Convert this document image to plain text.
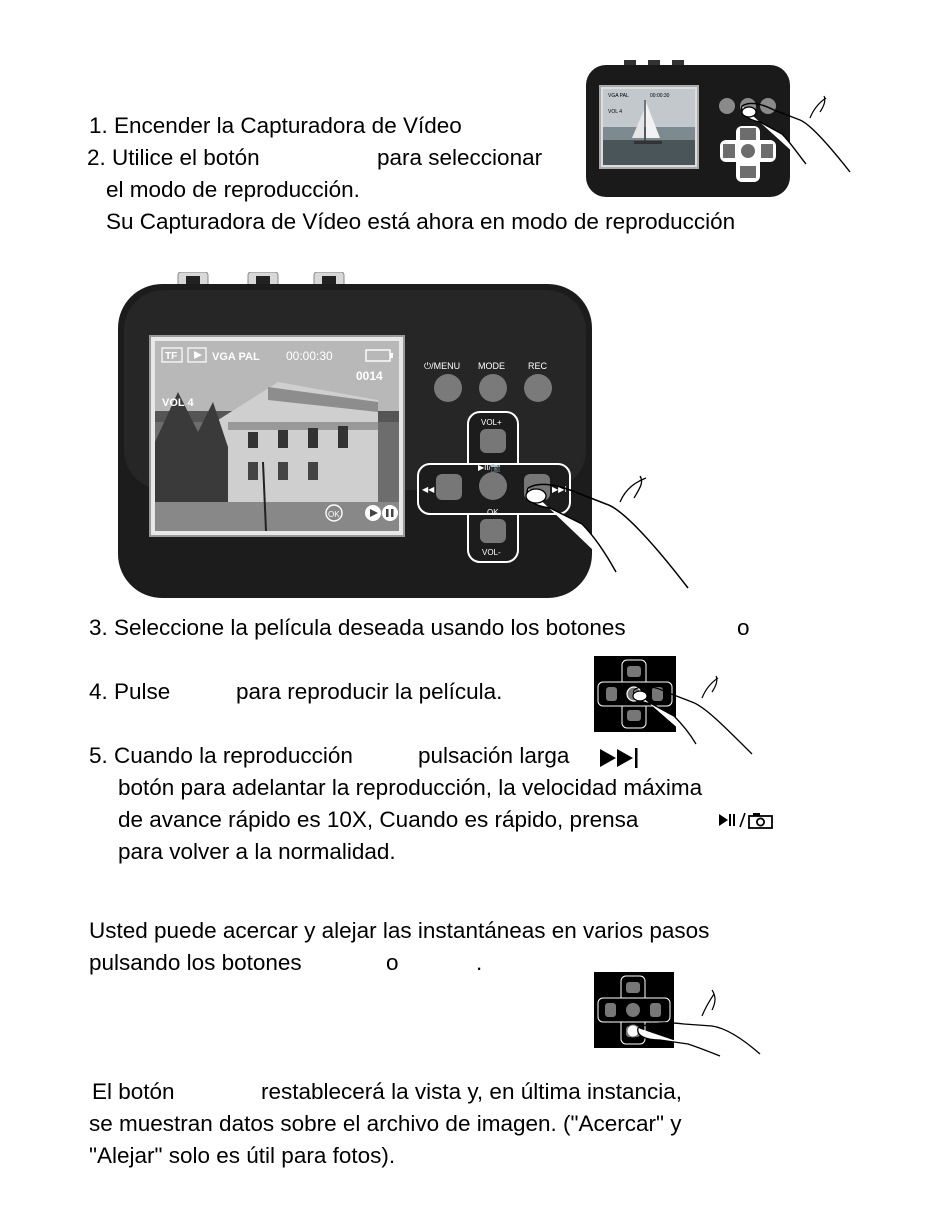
1. Encender la Capturadora de Vídeo
2. Utilice el botón	para seleccionar
el modo de reproducción.
Su Capturadora de Vídeo está ahora en modo de reproducción
3. Seleccione la película deseada usando los botones	o
4. Pulse	para reproducir la película.
5. Cuando la reproducción	pulsación larga
botón para adelantar la reproducción, la velocidad máxima
de avance rápido es 10X, Cuando es rápido, prensa
para volver a la normalidad.
Usted puede acercar y alejar las instantáneas en varios pasos
pulsando los botones	o	.
El botón	restablecerá la vista y, en última instancia,
se muestran datos sobre el archivo de imagen. ("Acercar" y
"Alejar" solo es útil para fotos).
VGA PAL	00:00:30
VOL 4
TF	VGA PAL 00:00:30
0014
VOL 4
OK
⏻/MENU MODE	REC
VOL+
▶II/📷
◀◀	▶▶I
OK
VOL-
